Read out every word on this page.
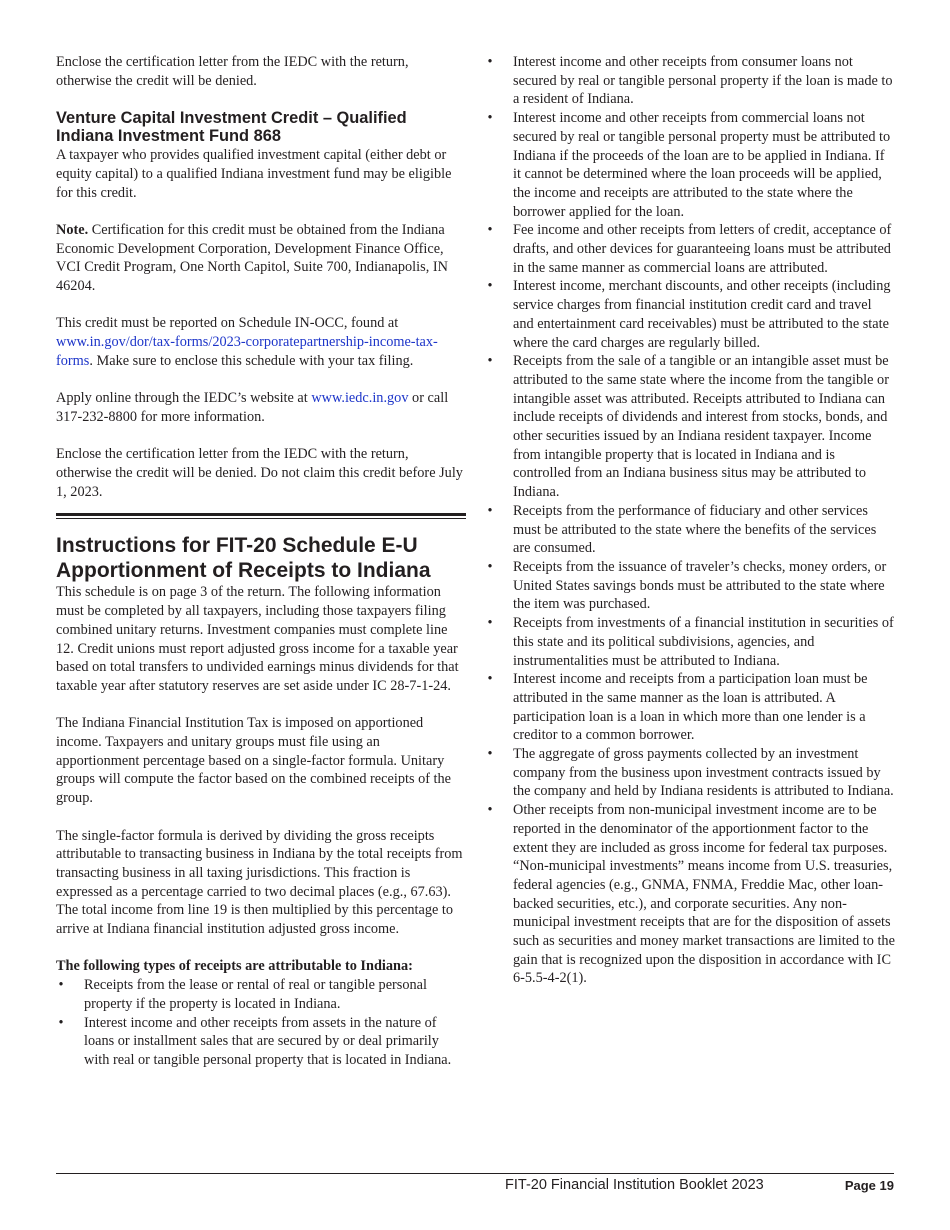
Enclose the certification letter from the IEDC with the return, otherwise the credit will be denied.

Venture Capital Investment Credit – Qualified Indiana Investment Fund 868

A taxpayer who provides qualified investment capital (either debt or equity capital) to a qualified Indiana investment fund may be eligible for this credit.

Note. Certification for this credit must be obtained from the Indiana Economic Development Corporation, Development Finance Office, VCI Credit Program, One North Capitol, Suite 700, Indianapolis, IN 46204.

This credit must be reported on Schedule IN-OCC, found at www.in.gov/dor/tax-forms/2023-corporatepartnership-income-tax-forms. Make sure to enclose this schedule with your tax filing.

Apply online through the IEDC’s website at www.iedc.in.gov or call 317-232-8800 for more information.

Enclose the certification letter from the IEDC with the return, otherwise the credit will be denied. Do not claim this credit before July 1, 2023.

Instructions for FIT-20 Schedule E-U Apportionment of Receipts to Indiana

This schedule is on page 3 of the return. The following information must be completed by all taxpayers, including those taxpayers filing combined unitary returns. Investment companies must complete line 12. Credit unions must report adjusted gross income for a taxable year based on total transfers to undivided earnings minus dividends for that taxable year after statutory reserves are set aside under IC 28-7-1-24.

The Indiana Financial Institution Tax is imposed on apportioned income. Taxpayers and unitary groups must file using an apportionment percentage based on a single-factor formula. Unitary groups will compute the factor based on the combined receipts of the group.

The single-factor formula is derived by dividing the gross receipts attributable to transacting business in Indiana by the total receipts from transacting business in all taxing jurisdictions. This fraction is expressed as a percentage carried to two decimal places (e.g., 67.63). The total income from line 19 is then multiplied by this percentage to arrive at Indiana financial institution adjusted gross income.

The following types of receipts are attributable to Indiana:
• Receipts from the lease or rental of real or tangible personal property if the property is located in Indiana.
• Interest income and other receipts from assets in the nature of loans or installment sales that are secured by or deal primarily with real or tangible personal property that is located in Indiana.
• Interest income and other receipts from consumer loans not secured by real or tangible personal property if the loan is made to a resident of Indiana.
• Interest income and other receipts from commercial loans not secured by real or tangible personal property must be attributed to Indiana if the proceeds of the loan are to be applied in Indiana. If it cannot be determined where the loan proceeds will be applied, the income and receipts are attributed to the state where the borrower applied for the loan.
• Fee income and other receipts from letters of credit, acceptance of drafts, and other devices for guaranteeing loans must be attributed in the same manner as commercial loans are attributed.
• Interest income, merchant discounts, and other receipts (including service charges from financial institution credit card and travel and entertainment card receivables) must be attributed to the state where the card charges are regularly billed.
• Receipts from the sale of a tangible or an intangible asset must be attributed to the same state where the income from the tangible or intangible asset was attributed. Receipts attributed to Indiana can include receipts of dividends and interest from stocks, bonds, and other securities issued by an Indiana resident taxpayer. Income from intangible property that is located in Indiana and is controlled from an Indiana business situs may be attributed to Indiana.
• Receipts from the performance of fiduciary and other services must be attributed to the state where the benefits of the services are consumed.
• Receipts from the issuance of traveler’s checks, money orders, or United States savings bonds must be attributed to the state where the item was purchased.
• Receipts from investments of a financial institution in securities of this state and its political subdivisions, agencies, and instrumentalities must be attributed to Indiana.
• Interest income and receipts from a participation loan must be attributed in the same manner as the loan is attributed. A participation loan is a loan in which more than one lender is a creditor to a common borrower.
• The aggregate of gross payments collected by an investment company from the business upon investment contracts issued by the company and held by Indiana residents is attributed to Indiana.
• Other receipts from non-municipal investment income are to be reported in the denominator of the apportionment factor to the extent they are included as gross income for federal tax purposes. “Non-municipal investments” means income from U.S. treasuries, federal agencies (e.g., GNMA, FNMA, Freddie Mac, other loan-backed securities, etc.), and corporate securities. Any non-municipal investment receipts that are for the disposition of assets such as securities and money market transactions are limited to the gain that is recognized upon the disposition in accordance with IC 6-5.5-4-2(1).
FIT-20 Financial Institution Booklet 2023	Page 19
